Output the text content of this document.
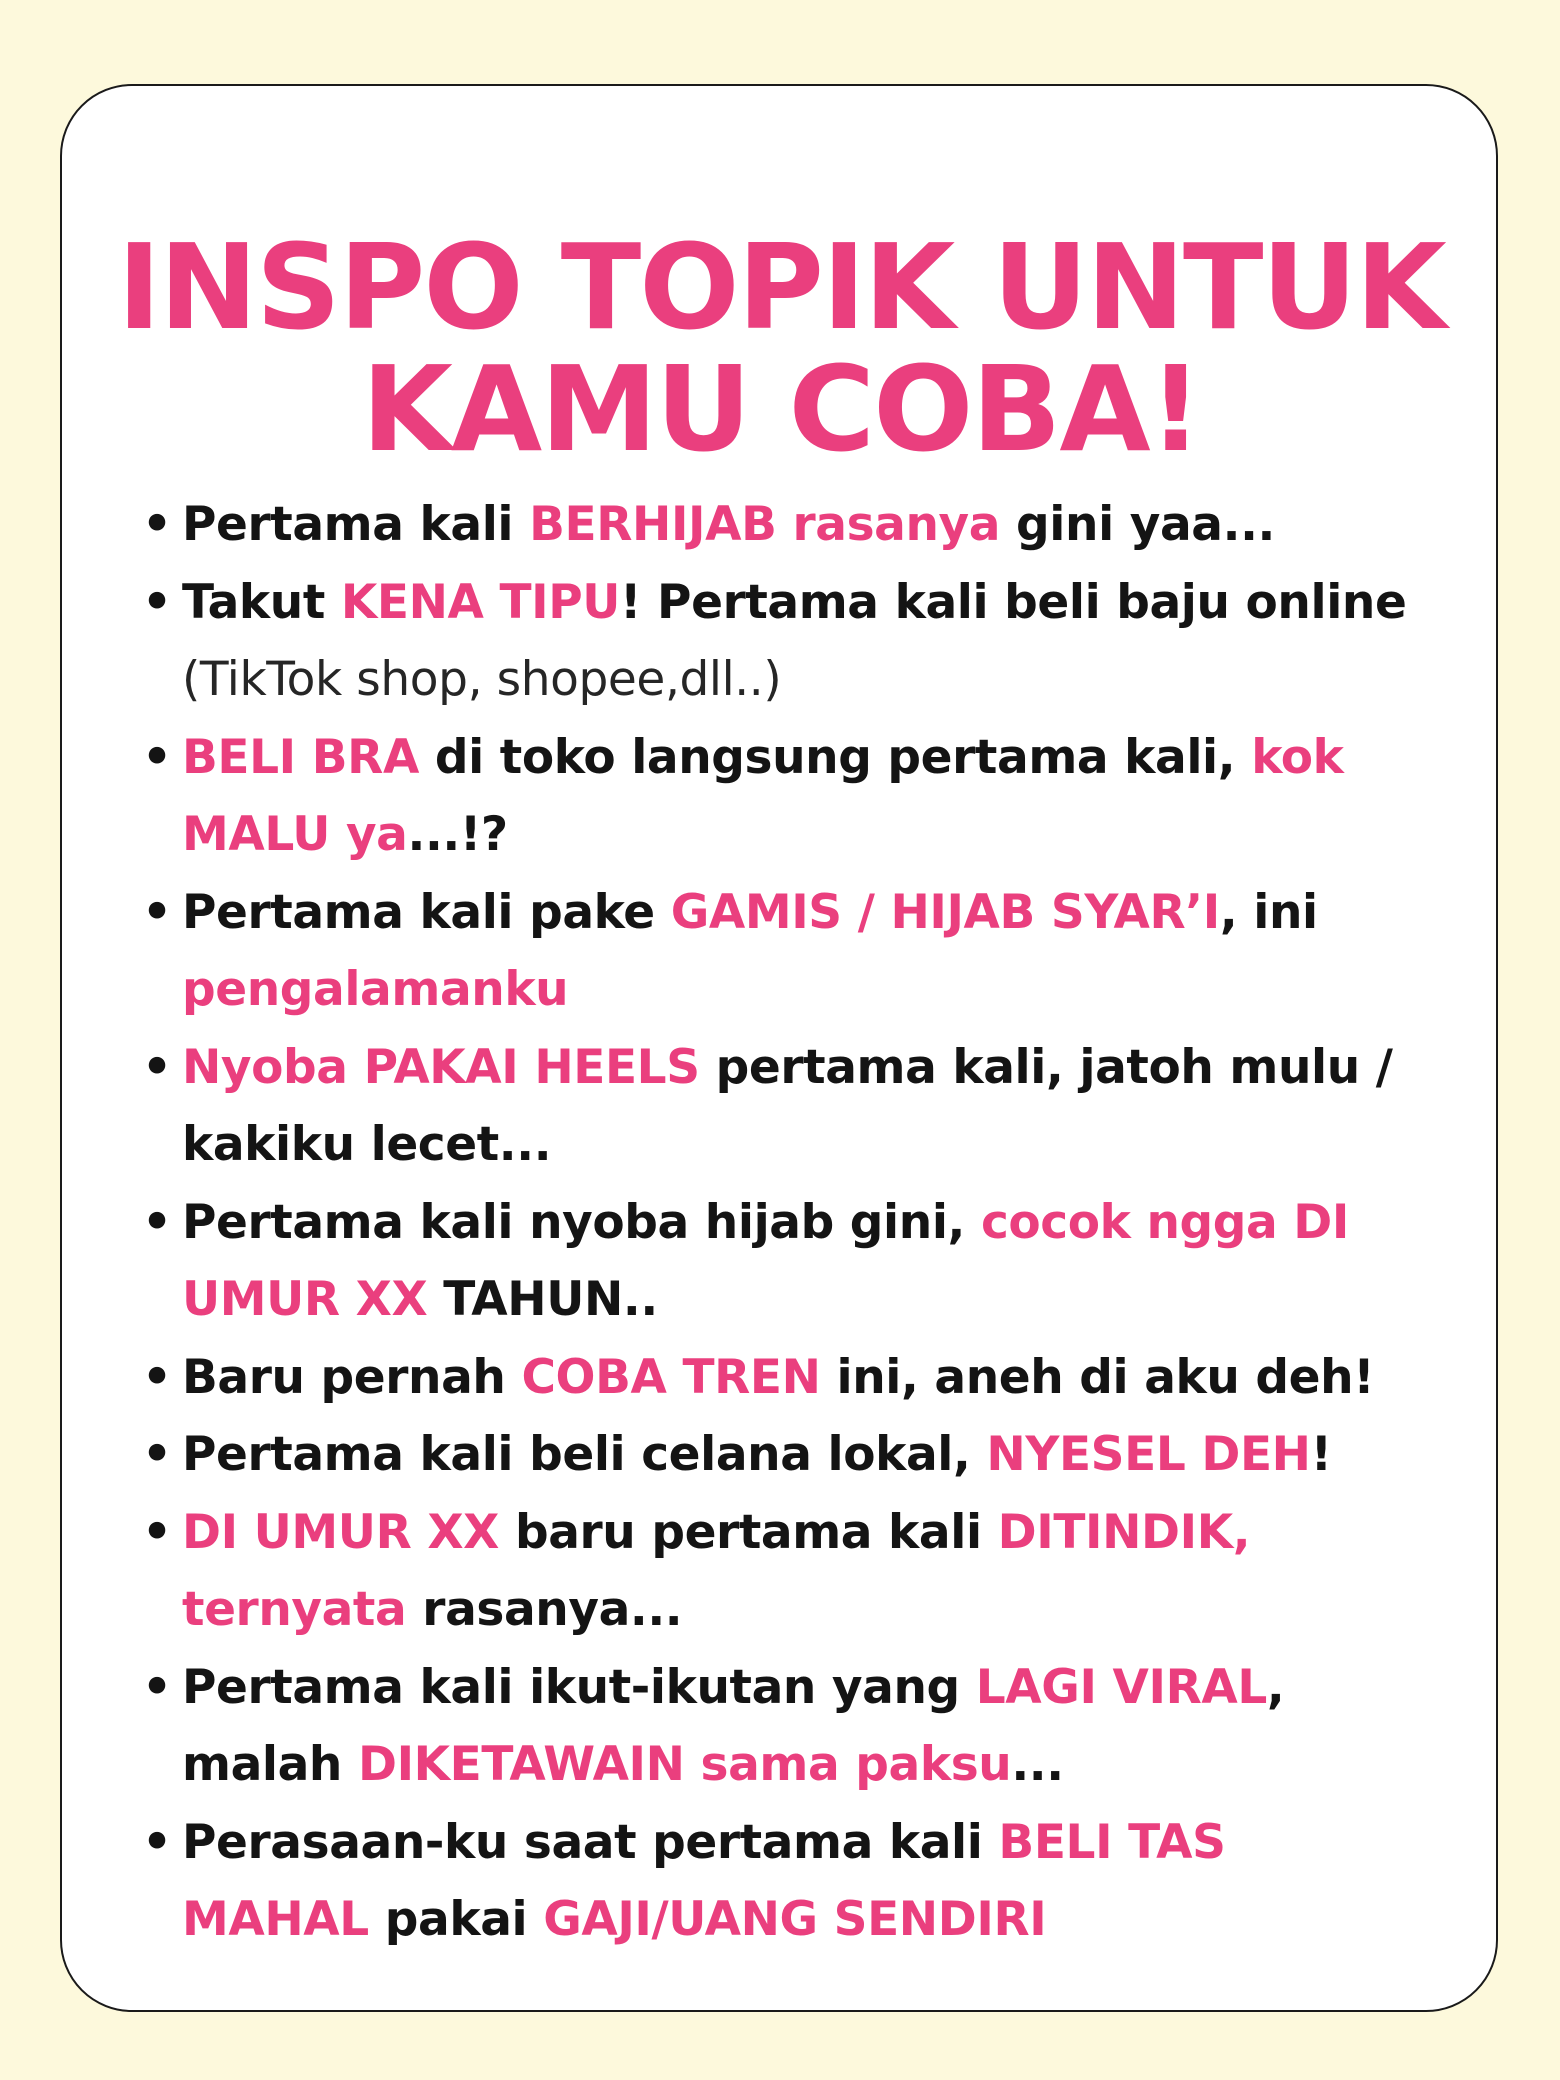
INSPO TOPIK UNTUK
KAMU COBA!
• Pertama kali BERHIJAB rasanya gini yaa...
• Takut KENA TIPU! Pertama kali beli baju online
(TikTok shop, shopee,dll..)
• BELI BRA di toko langsung pertama kali, kok
MALU ya...!?
• Pertama kali pake GAMIS / HIJAB SYAR’I, ini
pengalamanku
• Nyoba PAKAI HEELS pertama kali, jatoh mulu /
kakiku lecet...
• Pertama kali nyoba hijab gini, cocok ngga DI
UMUR XX TAHUN..
• Baru pernah COBA TREN ini, aneh di aku deh!
• Pertama kali beli celana lokal, NYESEL DEH!
• DI UMUR XX baru pertama kali DITINDIK,
ternyata rasanya...
• Pertama kali ikut-ikutan yang LAGI VIRAL,
malah DIKETAWAIN sama paksu...
• Perasaan-ku saat pertama kali BELI TAS
MAHAL pakai GAJI/UANG SENDIRI
